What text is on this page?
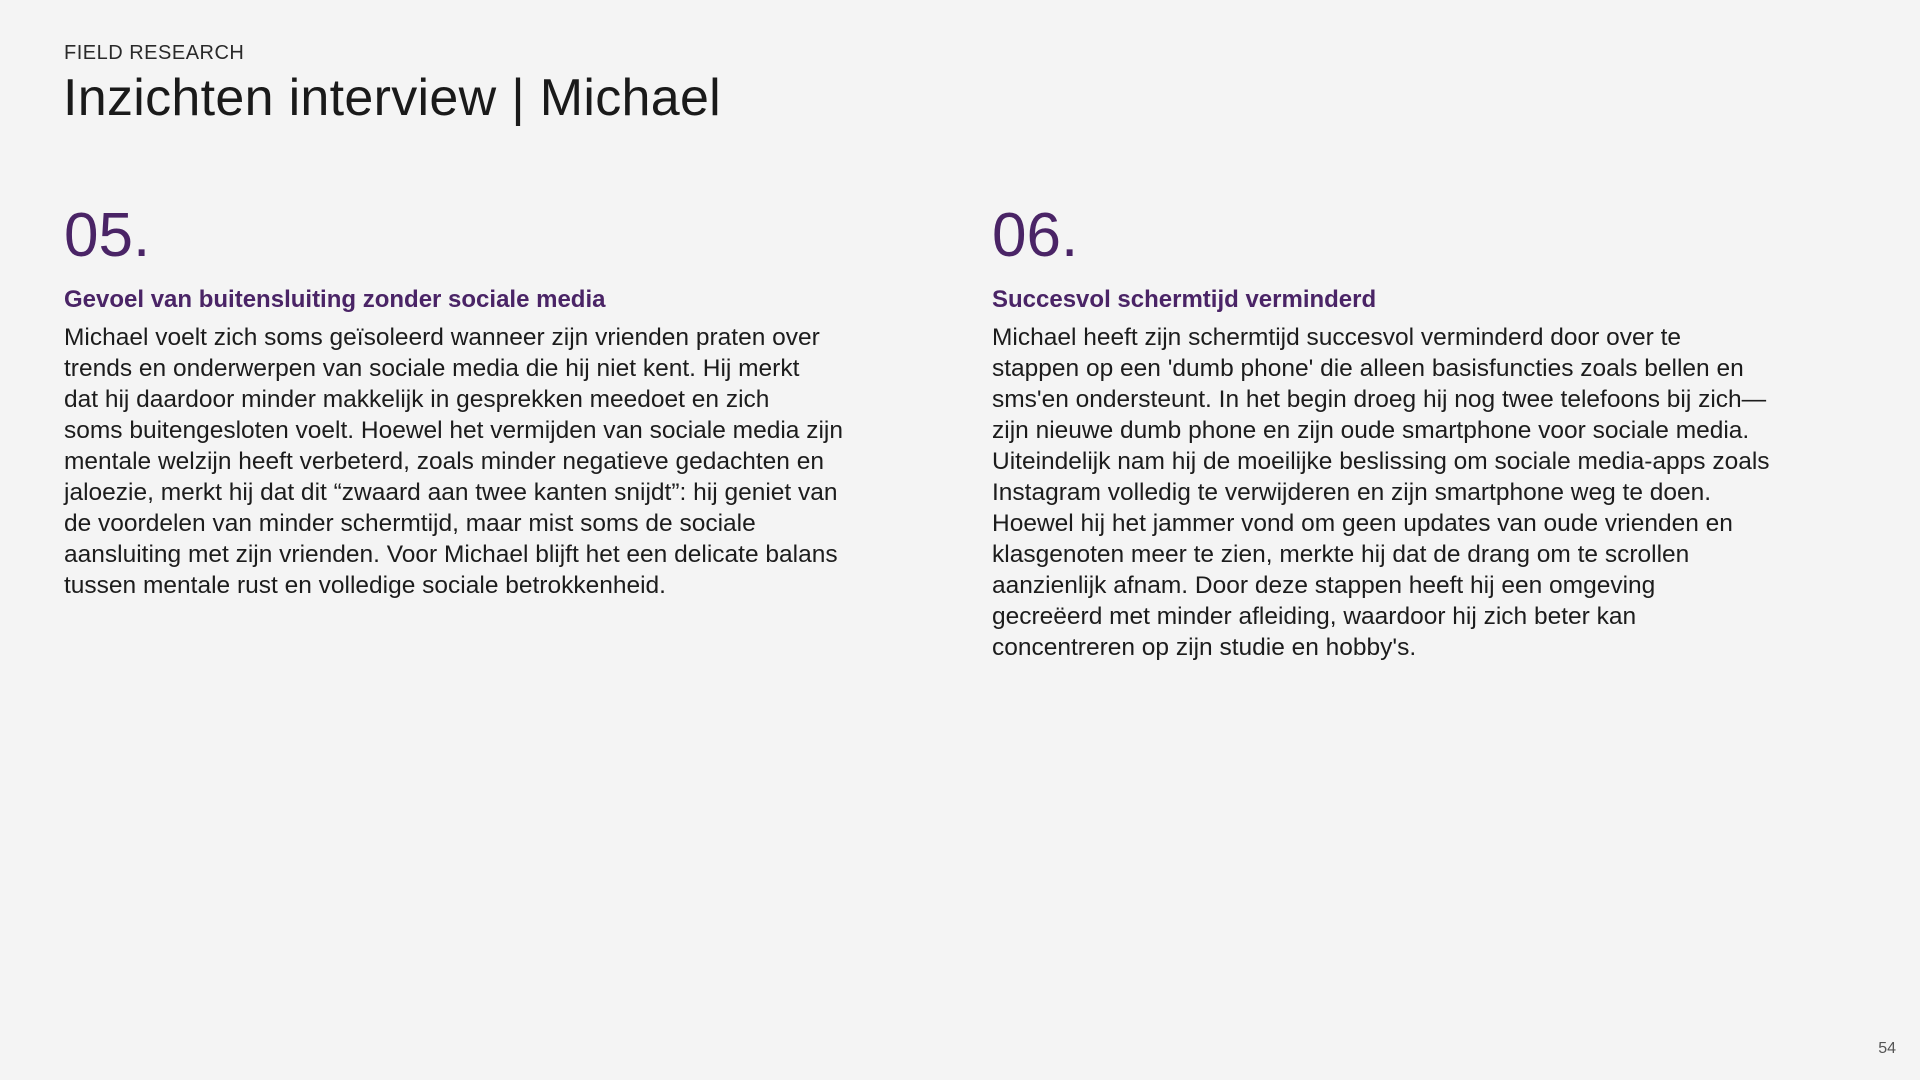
FIELD RESEARCH
Inzichten interview | Michael
05.
Gevoel van buitensluiting zonder sociale media
Michael voelt zich soms geïsoleerd wanneer zijn vrienden praten over
trends en onderwerpen van sociale media die hij niet kent. Hij merkt
dat hij daardoor minder makkelijk in gesprekken meedoet en zich
soms buitengesloten voelt. Hoewel het vermijden van sociale media zijn
mentale welzijn heeft verbeterd, zoals minder negatieve gedachten en
jaloezie, merkt hij dat dit “zwaard aan twee kanten snijdt”: hij geniet van
de voordelen van minder schermtijd, maar mist soms de sociale
aansluiting met zijn vrienden. Voor Michael blijft het een delicate balans
tussen mentale rust en volledige sociale betrokkenheid.
06.
Succesvol schermtijd verminderd
Michael heeft zijn schermtijd succesvol verminderd door over te
stappen op een 'dumb phone' die alleen basisfuncties zoals bellen en
sms'en ondersteunt. In het begin droeg hij nog twee telefoons bij zich—
zijn nieuwe dumb phone en zijn oude smartphone voor sociale media.
Uiteindelijk nam hij de moeilijke beslissing om sociale media-apps zoals
Instagram volledig te verwijderen en zijn smartphone weg te doen.
Hoewel hij het jammer vond om geen updates van oude vrienden en
klasgenoten meer te zien, merkte hij dat de drang om te scrollen
aanzienlijk afnam. Door deze stappen heeft hij een omgeving
gecreëerd met minder afleiding, waardoor hij zich beter kan
concentreren op zijn studie en hobby's.
54
